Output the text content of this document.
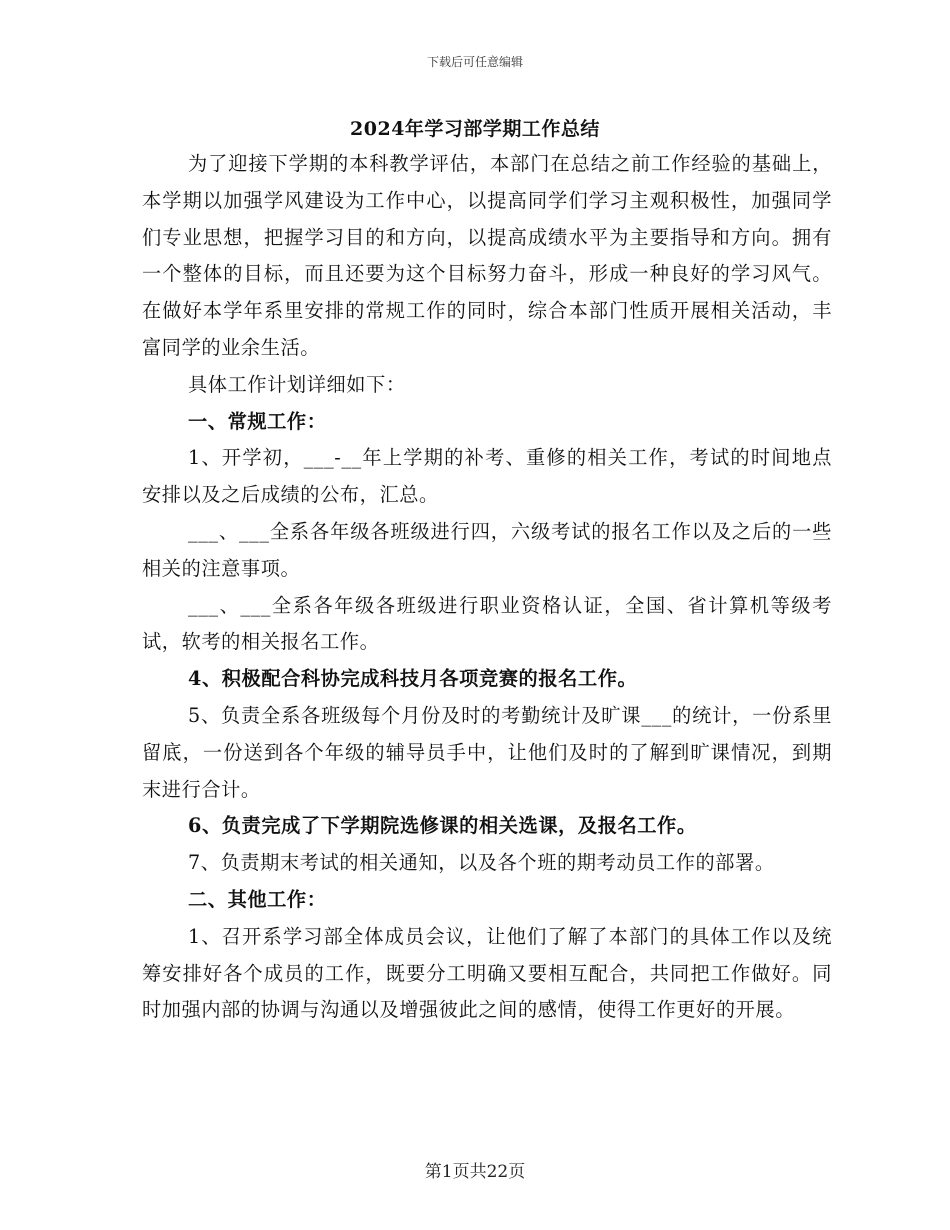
下载后可任意编辑
2024年学习部学期工作总结

为了迎接下学期的本科教学评估，本部门在总结之前工作经验的基础上，本学期以加强学风建设为工作中心，以提高同学们学习主观积极性，加强同学们专业思想，把握学习目的和方向，以提高成绩水平为主要指导和方向。拥有一个整体的目标，而且还要为这个目标努力奋斗，形成一种良好的学习风气。在做好本学年系里安排的常规工作的同时，综合本部门性质开展相关活动，丰富同学的业余生活。

具体工作计划详细如下：

一、常规工作：

1、开学初，___-__年上学期的补考、重修的相关工作，考试的时间地点安排以及之后成绩的公布，汇总。

___、___全系各年级各班级进行四，六级考试的报名工作以及之后的一些相关的注意事项。

___、___全系各年级各班级进行职业资格认证，全国、省计算机等级考试，软考的相关报名工作。

4、积极配合科协完成科技月各项竞赛的报名工作。

5、负责全系各班级每个月份及时的考勤统计及旷课___的统计，一份系里留底，一份送到各个年级的辅导员手中，让他们及时的了解到旷课情况，到期末进行合计。

6、负责完成了下学期院选修课的相关选课，及报名工作。

7、负责期末考试的相关通知，以及各个班的期考动员工作的部署。

二、其他工作：

1、召开系学习部全体成员会议，让他们了解了本部门的具体工作以及统筹安排好各个成员的工作，既要分工明确又要相互配合，共同把工作做好。同时加强内部的协调与沟通以及增强彼此之间的感情，使得工作更好的开展。

第1页共22页
